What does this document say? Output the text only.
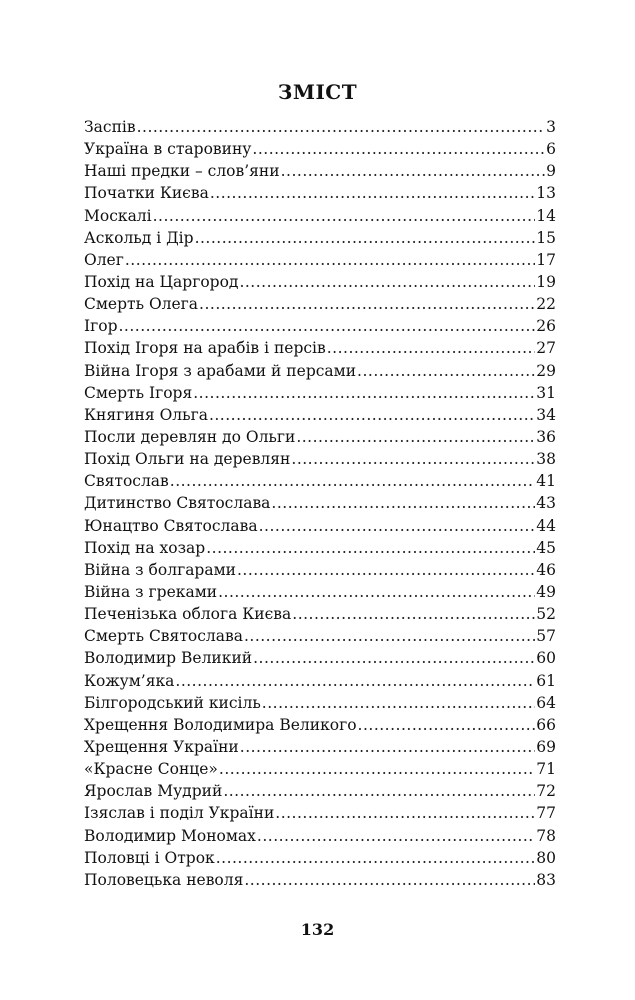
ЗМІСТ
Заспів .....	3
Україна в старовину .....	6
Наші предки – слов’яни .....	9
Початки Києва .....	13
Москалі .....	14
Аскольд і Дір .....	15
Олег .....	17
Похід на Царгород .....	19
Смерть Олега .....	22
Ігор .....	26
Похід Ігоря на арабів і персів .....	27
Війна Ігоря з арабами й персами .....	29
Смерть Ігоря .....	31
Княгиня Ольга .....	34
Посли деревлян до Ольги .....	36
Похід Ольги на деревлян .....	38
Святослав .....	41
Дитинство Святослава .....	43
Юнацтво Святослава .....	44
Похід на хозар .....	45
Війна з болгарами .....	46
Війна з греками .....	49
Печенізька облога Києва .....	52
Смерть Святослава .....	57
Володимир Великий .....	60
Кожум’яка .....	61
Білгородський кисіль .....	64
Хрещення Володимира Великого .....	66
Хрещення України .....	69
«Красне Сонце» .....	71
Ярослав Мудрий .....	72
Ізяслав і поділ України .....	77
Володимир Мономах .....	78
Половці і Отрок .....	80
Половецька неволя .....	83
132
